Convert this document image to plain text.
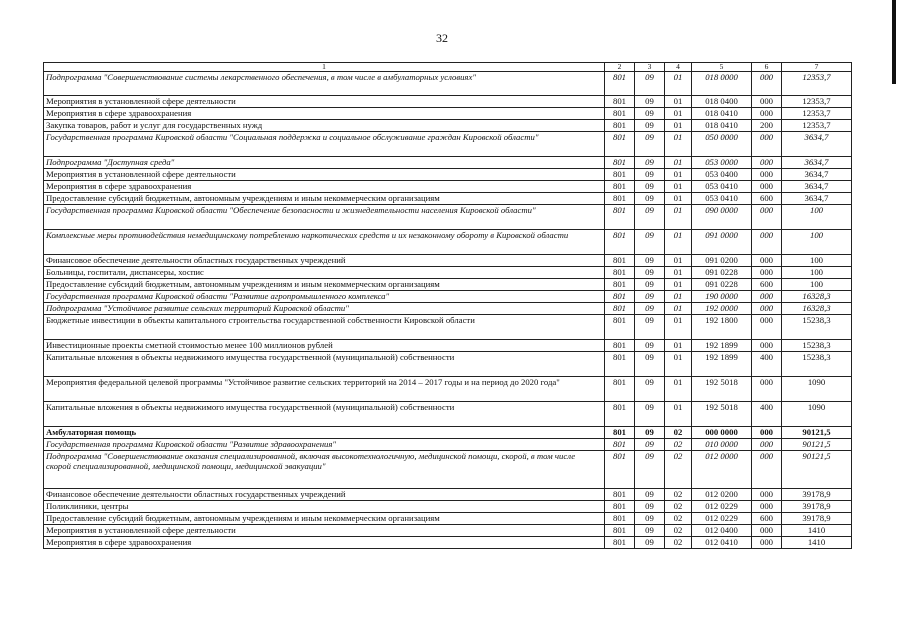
32
1	2	3	4	5	6	7
Подпрограмма "Совершенствование системы лекарственного обеспечения, в том числе в амбулаторных условиях"	801	09	01	018 0000	000	12353,7
Мероприятия в установленной сфере деятельности	801	09	01	018 0400	000	12353,7
Мероприятия в сфере здравоохранения	801	09	01	018 0410	000	12353,7
Закупка товаров, работ и услуг для государственных нужд	801	09	01	018 0410	200	12353,7
Государственная программа Кировской области "Социальная поддержка и социальное обслуживание граждан Кировской области"	801	09	01	050 0000	000	3634,7
Подпрограмма "Доступная среда"	801	09	01	053 0000	000	3634,7
Мероприятия в установленной сфере деятельности	801	09	01	053 0400	000	3634,7
Мероприятия в сфере здравоохранения	801	09	01	053 0410	000	3634,7
Предоставление субсидий бюджетным, автономным учреждениям и иным некоммерческим организациям	801	09	01	053 0410	600	3634,7
Государственная программа Кировской области "Обеспечение безопасности и жизнедеятельности населения Кировской области"	801	09	01	090 0000	000	100
Комплексные меры противодействия немедицинскому потреблению наркотических средств и их незаконному обороту в Кировской области	801	09	01	091 0000	000	100
Финансовое обеспечение деятельности областных государственных учреждений	801	09	01	091 0200	000	100
Больницы, госпитали, диспансеры, хоспис	801	09	01	091 0228	000	100
Предоставление субсидий бюджетным, автономным учреждениям и иным некоммерческим организациям	801	09	01	091 0228	600	100
Государственная программа Кировской области "Развитие агропромышленного комплекса"	801	09	01	190 0000	000	16328,3
Подпрограмма "Устойчивое развитие сельских территорий Кировской области"	801	09	01	192 0000	000	16328,3
Бюджетные инвестиции в объекты капитального строительства государственной собственности Кировской области	801	09	01	192 1800	000	15238,3
Инвестиционные проекты сметной стоимостью менее 100 миллионов рублей	801	09	01	192 1899	000	15238,3
Капитальные вложения в объекты недвижимого имущества государственной (муниципальной) собственности	801	09	01	192 1899	400	15238,3
Мероприятия федеральной целевой программы "Устойчивое развитие сельских территорий на 2014 – 2017 годы и на период до 2020 года"	801	09	01	192 5018	000	1090
Капитальные вложения в объекты недвижимого имущества государственной (муниципальной) собственности	801	09	01	192 5018	400	1090
Амбулаторная помощь	801	09	02	000 0000	000	90121,5
Государственная программа Кировской области "Развитие здравоохранения"	801	09	02	010 0000	000	90121,5
Подпрограмма "Совершенствование оказания специализированной, включая высокотехнологичную, медицинской помощи, скорой, в том числе скорой специализированной, медицинской помощи, медицинской эвакуации"	801	09	02	012 0000	000	90121,5
Финансовое обеспечение деятельности областных государственных учреждений	801	09	02	012 0200	000	39178,9
Поликлиники, центры	801	09	02	012 0229	000	39178,9
Предоставление субсидий бюджетным, автономным учреждениям и иным некоммерческим организациям	801	09	02	012 0229	600	39178,9
Мероприятия в установленной сфере деятельности	801	09	02	012 0400	000	1410
Мероприятия в сфере здравоохранения	801	09	02	012 0410	000	1410
